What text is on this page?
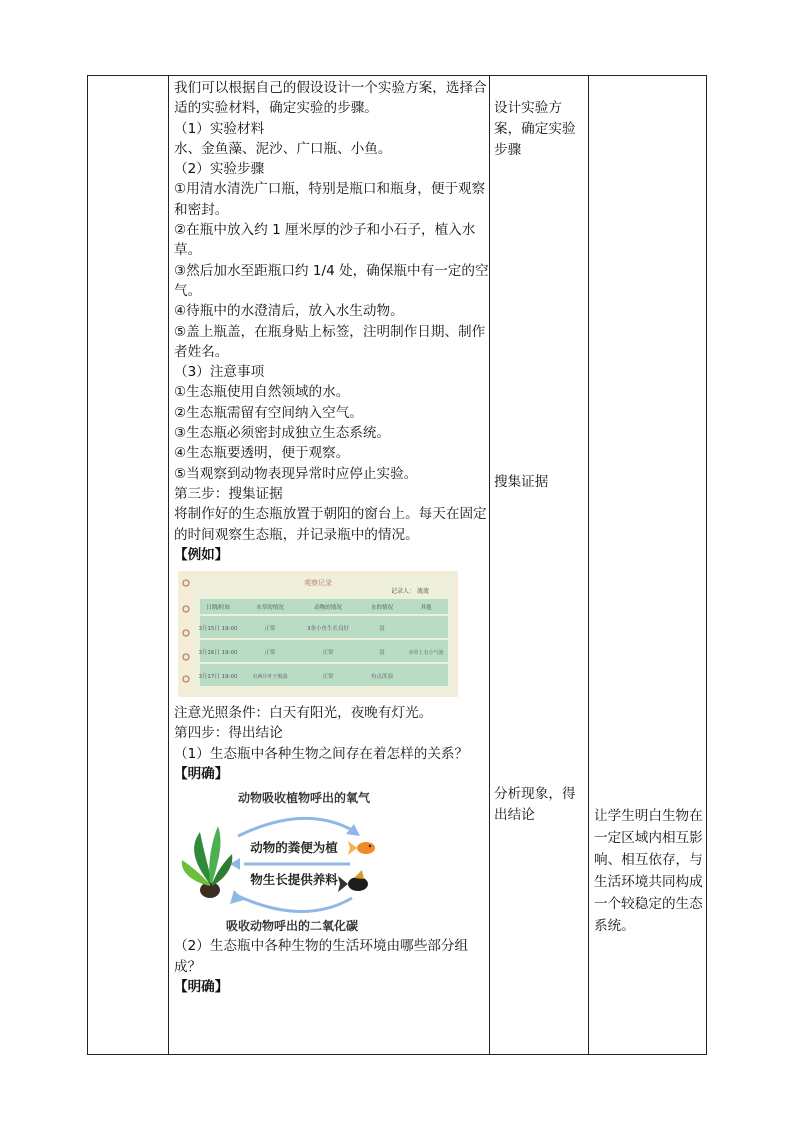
我们可以根据自己的假设设计一个实验方案，选择合适的实验材料，确定实验的步骤。

（1）实验材料

水、金鱼藻、泥沙、广口瓶、小鱼。

（2）实验步骤

①用清水清洗广口瓶，特别是瓶口和瓶身，便于观察和密封。

②在瓶中放入约 1 厘米厚的沙子和小石子，植入水草。

③然后加水至距瓶口约 1/4 处，确保瓶中有一定的空气。

④待瓶中的水澄清后，放入水生动物。

⑤盖上瓶盖，在瓶身贴上标签，注明制作日期、制作者姓名。

（3）注意事项

①生态瓶使用自然领域的水。

②生态瓶需留有空间纳入空气。

③生态瓶必须密封成独立生态系统。

④生态瓶要透明，便于观察。

⑤当观察到动物表现异常时应停止实验。

第三步：搜集证据

将制作好的生态瓶放置于朝阳的窗台上。每天在固定的时间观察生态瓶，并记录瓶中的情况。

【例如】

观察记录
记录人： 流流
日期/时间	水草的情况	动物的情况	水的情况	其他
3月15日 19:00	正常	3条小鱼生长良好	清
3月16日 19:00	正常	正常	清	水草上有小气泡
3月17日 19:00	有两片叶子脱落	正常	有点浑浊

注意光照条件：白天有阳光，夜晚有灯光。

第四步：得出结论

（1）生态瓶中各种生物之间存在着怎样的关系？

【明确】

动物吸收植物呼出的氧气
动物的粪便为植
物生长提供养料
吸收动物呼出的二氧化碳

（2）生态瓶中各种生物的生活环境由哪些部分组成？

【明确】

设计实验方案，确定实验步骤
搜集证据
分析现象，得出结论	让学生明白生物在一定区域内相互影响、相互依存，与生活环境共同构成一个较稳定的生态系统。
